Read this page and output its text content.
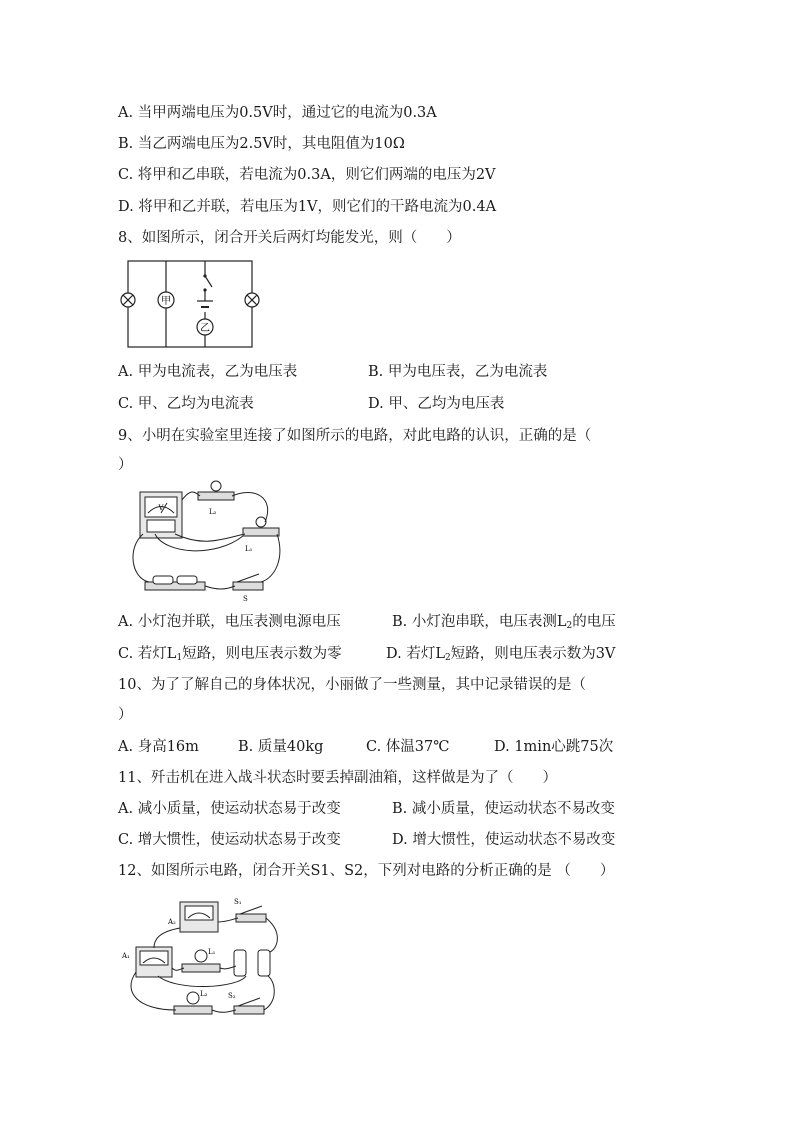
A. 当甲两端电压为0.5V时，通过它的电流为0.3A
B. 当乙两端电压为2.5V时，其电阻值为10Ω
C. 将甲和乙串联，若电流为0.3A，则它们两端的电压为2V
D. 将甲和乙并联，若电压为1V，则它们的干路电流为0.4A
8、如图所示，闭合开关后两灯均能发光，则（　　）
甲
乙
A. 甲为电流表，乙为电压表	B. 甲为电压表，乙为电流表
C. 甲、乙均为电流表	D. 甲、乙均为电压表
9、小明在实验室里连接了如图所示的电路，对此电路的认识，正确的是（
）
V	L₂
L₁
S
A. 小灯泡并联，电压表测电源电压	B. 小灯泡串联，电压表测$L_2$的电压
C. 若灯$L_1$短路，则电压表示数为零	D. 若灯$L_2$短路，则电压表示数为3V
10、为了了解自己的身体状况，小丽做了一些测量，其中记录错误的是（
）
A. 身高16m	B. 质量40kg	C. 体温37℃	D. 1min心跳75次
11、歼击机在进入战斗状态时要丢掉副油箱，这样做是为了（　　）
A. 减小质量，使运动状态易于改变	B. 减小质量，使运动状态不易改变
C. 增大惯性，使运动状态易于改变	D. 增大惯性，使运动状态不易改变
12、如图所示电路，闭合开关S1、S2，下列对电路的分析正确的是 （　　）
A₂
A₁
S₁
L₁
L₂	S₂
